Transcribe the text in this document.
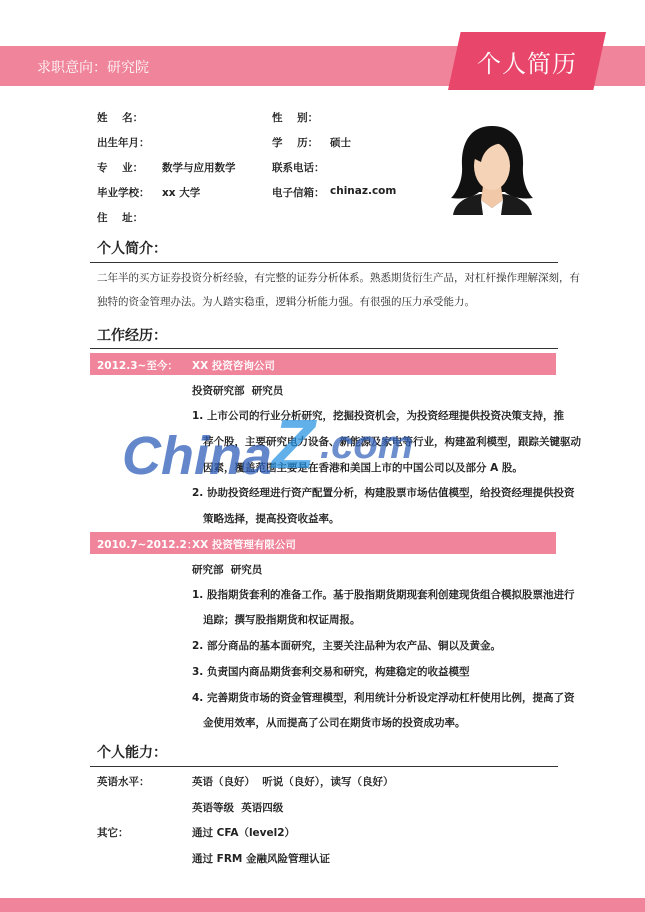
求职意向：研究院	个人简历
姓    名：	性    别：
出生年月：	学    历： 硕士
专    业： 数学与应用数学	联系电话：
毕业学校： xx 大学	电子信箱： chinaz.com
住    址：
个人简介：
二年半的买方证券投资分析经验，有完整的证券分析体系。熟悉期货衍生产品，对杠杆操作理解深刻，有
独特的资金管理办法。为人踏实稳重，逻辑分析能力强。有很强的压力承受能力。
工作经历：
2012.3~至今： XX 投资咨询公司
投资研究部  研究员
1. 上市公司的行业分析研究，挖掘投资机会，为投资经理提供投资决策支持，推
荐个股，主要研究电力设备、新能源及家电等行业，构建盈利模型，跟踪关键驱动
因素，覆盖范围主要是在香港和美国上市的中国公司以及部分 A 股。
2. 协助投资经理进行资产配置分析，构建股票市场估值模型，给投资经理提供投资
策略选择，提高投资收益率。
2010.7~2012.2：
XX 投资管理有限公司
研究部  研究员
1. 股指期货套利的准备工作。基于股指期货期现套利创建现货组合模拟股票池进行
追踪；撰写股指期货和权证周报。
2. 部分商品的基本面研究，主要关注品种为农产品、铜以及黄金。
3. 负责国内商品期货套利交易和研究，构建稳定的收益模型
4. 完善期货市场的资金管理模型，利用统计分析设定浮动杠杆使用比例，提高了资
金使用效率，从而提高了公司在期货市场的投资成功率。
个人能力：
英语水平：	英语（良好）  听说（良好），读写（良好）
英语等级  英语四级
其它：	通过 CFA（level2）
通过 FRM 金融风险管理认证
China Z .com
